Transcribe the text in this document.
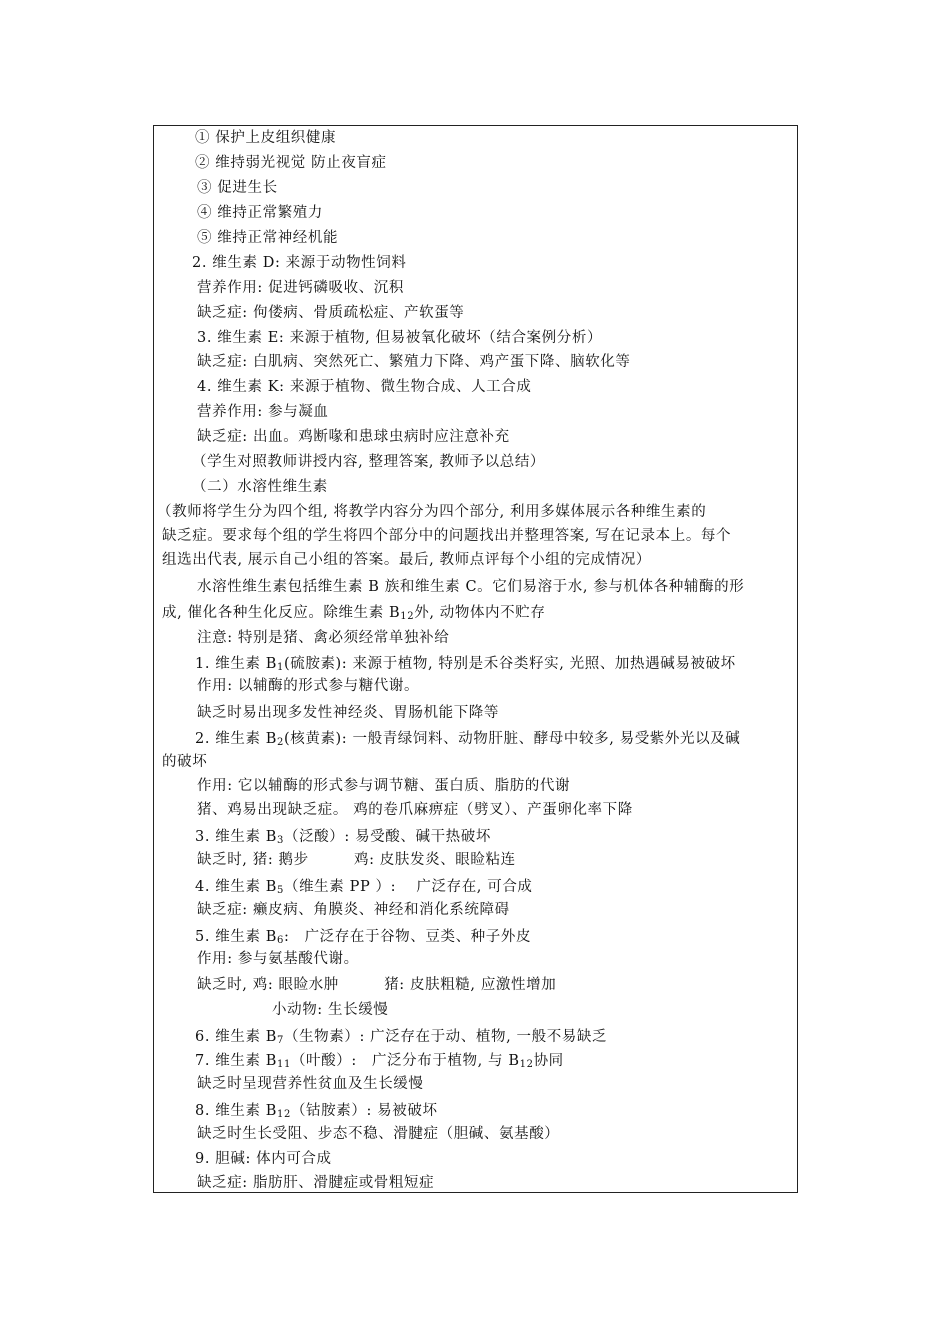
① 保护上皮组织健康
② 维持弱光视觉 防止夜盲症
③ 促进生长
④ 维持正常繁殖力
⑤ 维持正常神经机能
2. 维生素 D: 来源于动物性饲料
营养作用: 促进钙磷吸收、沉积
缺乏症: 佝偻病、骨质疏松症、产软蛋等
3. 维生素 E: 来源于植物, 但易被氧化破坏（结合案例分析）
缺乏症: 白肌病、突然死亡、繁殖力下降、鸡产蛋下降、脑软化等
4. 维生素 K: 来源于植物、微生物合成、人工合成
营养作用: 参与凝血
缺乏症: 出血。鸡断喙和患球虫病时应注意补充
（学生对照教师讲授内容, 整理答案, 教师予以总结）
（二）水溶性维生素
（教师将学生分为四个组, 将教学内容分为四个部分, 利用多媒体展示各种维生素的
缺乏症。要求每个组的学生将四个部分中的问题找出并整理答案, 写在记录本上。每个
组选出代表, 展示自己小组的答案。最后, 教师点评每个小组的完成情况）
水溶性维生素包括维生素 B 族和维生素 C。它们易溶于水, 参与机体各种辅酶的形
成, 催化各种生化反应。除维生素 $B_{12}$外, 动物体内不贮存
注意: 特别是猪、禽必须经常单独补给
1. 维生素 $B_1$(硫胺素): 来源于植物, 特别是禾谷类籽实, 光照、加热遇碱易被破坏
作用: 以辅酶的形式参与糖代谢。
缺乏时易出现多发性神经炎、胃肠机能下降等
2. 维生素 $B_2$(核黄素): 一般青绿饲料、动物肝脏、酵母中较多, 易受紫外光以及碱
的破坏
作用: 它以辅酶的形式参与调节糖、蛋白质、脂肪的代谢
猪、鸡易出现缺乏症。 鸡的卷爪麻痹症（劈叉）、产蛋卵化率下降
3. 维生素 $B_3$（泛酸）: 易受酸、碱干热破坏
缺乏时, 猪: 鹅步　　　鸡: 皮肤发炎、眼睑粘连
4. 维生素 $B_5$（维生素 PP ）:　 广泛存在, 可合成
缺乏症: 癞皮病、角膜炎、神经和消化系统障碍
5. 维生素 $B_6$:　广泛存在于谷物、豆类、种子外皮
作用: 参与氨基酸代谢。
缺乏时, 鸡: 眼睑水肿　　　猪: 皮肤粗糙, 应激性增加
小动物: 生长缓慢
6. 维生素 $B_7$（生物素）: 广泛存在于动、植物, 一般不易缺乏
7. 维生素 $B_{11}$（叶酸）:　广泛分布于植物, 与 $B_{12}$协同
缺乏时呈现营养性贫血及生长缓慢
8. 维生素 $B_{12}$（钴胺素）: 易被破坏
缺乏时生长受阻、步态不稳、滑腱症（胆碱、氨基酸）
9. 胆碱: 体内可合成
缺乏症: 脂肪肝、滑腱症或骨粗短症
